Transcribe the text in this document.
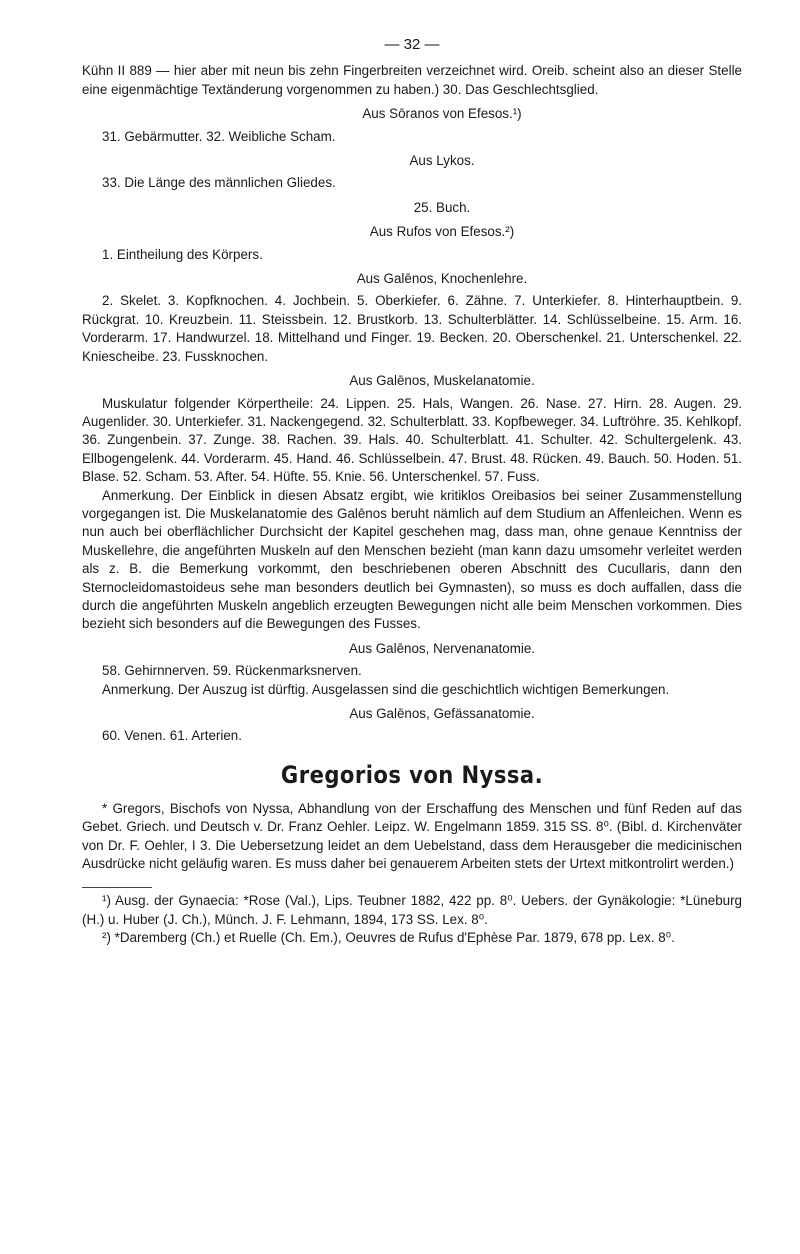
— 32 —

Kühn II 889 — hier aber mit neun bis zehn Fingerbreiten verzeichnet wird. Oreib. scheint also an dieser Stelle eine eigenmächtige Textänderung vorgenommen zu haben.) 30. Das Geschlechtsglied.

Aus Sōranos von Efesos.¹)

31. Gebärmutter. 32. Weibliche Scham.

Aus Lykos.

33. Die Länge des männlichen Gliedes.

25. Buch.

Aus Rufos von Efesos.²)

1. Eintheilung des Körpers.

Aus Galēnos, Knochenlehre.

2. Skelet. 3. Kopfknochen. 4. Jochbein. 5. Oberkiefer. 6. Zähne. 7. Unterkiefer. 8. Hinterhauptbein. 9. Rückgrat. 10. Kreuzbein. 11. Steissbein. 12. Brustkorb. 13. Schulterblätter. 14. Schlüsselbeine. 15. Arm. 16. Vorderarm. 17. Handwurzel. 18. Mittelhand und Finger. 19. Becken. 20. Oberschenkel. 21. Unterschenkel. 22. Kniescheibe. 23. Fussknochen.

Aus Galēnos, Muskelanatomie.

Muskulatur folgender Körpertheile: 24. Lippen. 25. Hals, Wangen. 26. Nase. 27. Hirn. 28. Augen. 29. Augenlider. 30. Unterkiefer. 31. Nackengegend. 32. Schulterblatt. 33. Kopfbeweger. 34. Luftröhre. 35. Kehlkopf. 36. Zungenbein. 37. Zunge. 38. Rachen. 39. Hals. 40. Schulterblatt. 41. Schulter. 42. Schultergelenk. 43. Ellbogengelenk. 44. Vorderarm. 45. Hand. 46. Schlüsselbein. 47. Brust. 48. Rücken. 49. Bauch. 50. Hoden. 51. Blase. 52. Scham. 53. After. 54. Hüfte. 55. Knie. 56. Unterschenkel. 57. Fuss.

Anmerkung. Der Einblick in diesen Absatz ergibt, wie kritiklos Oreibasios bei seiner Zusammenstellung vorgegangen ist. Die Muskelanatomie des Galēnos beruht nämlich auf dem Studium an Affenleichen. Wenn es nun auch bei oberflächlicher Durchsicht der Kapitel geschehen mag, dass man, ohne genaue Kenntniss der Muskellehre, die angeführten Muskeln auf den Menschen bezieht (man kann dazu umsomehr verleitet werden als z. B. die Bemerkung vorkommt, den beschriebenen oberen Abschnitt des Cucullaris, dann den Sternocleidomastoideus sehe man besonders deutlich bei Gymnasten), so muss es doch auffallen, dass die durch die angeführten Muskeln angeblich erzeugten Bewegungen nicht alle beim Menschen vorkommen. Dies bezieht sich besonders auf die Bewegungen des Fusses.

Aus Galēnos, Nervenanatomie.

58. Gehirnnerven. 59. Rückenmarksnerven.

Anmerkung. Der Auszug ist dürftig. Ausgelassen sind die geschichtlich wichtigen Bemerkungen.

Aus Galēnos, Gefässanatomie.

60. Venen. 61. Arterien.

Gregorios von Nyssa.

* Gregors, Bischofs von Nyssa, Abhandlung von der Erschaffung des Menschen und fünf Reden auf das Gebet. Griech. und Deutsch v. Dr. Franz Oehler. Leipz. W. Engelmann 1859. 315 SS. 8⁰. (Bibl. d. Kirchenväter von Dr. F. Oehler, I 3. Die Uebersetzung leidet an dem Uebelstand, dass dem Herausgeber die medicinischen Ausdrücke nicht geläufig waren. Es muss daher bei genauerem Arbeiten stets der Urtext mitkontrolirt werden.)

¹) Ausg. der Gynaecia: *Rose (Val.), Lips. Teubner 1882, 422 pp. 8⁰. Uebers. der Gynäkologie: *Lüneburg (H.) u. Huber (J. Ch.), Münch. J. F. Lehmann, 1894, 173 SS. Lex. 8⁰.

²) *Daremberg (Ch.) et Ruelle (Ch. Em.), Oeuvres de Rufus d'Ephèse Par. 1879, 678 pp. Lex. 8⁰.
